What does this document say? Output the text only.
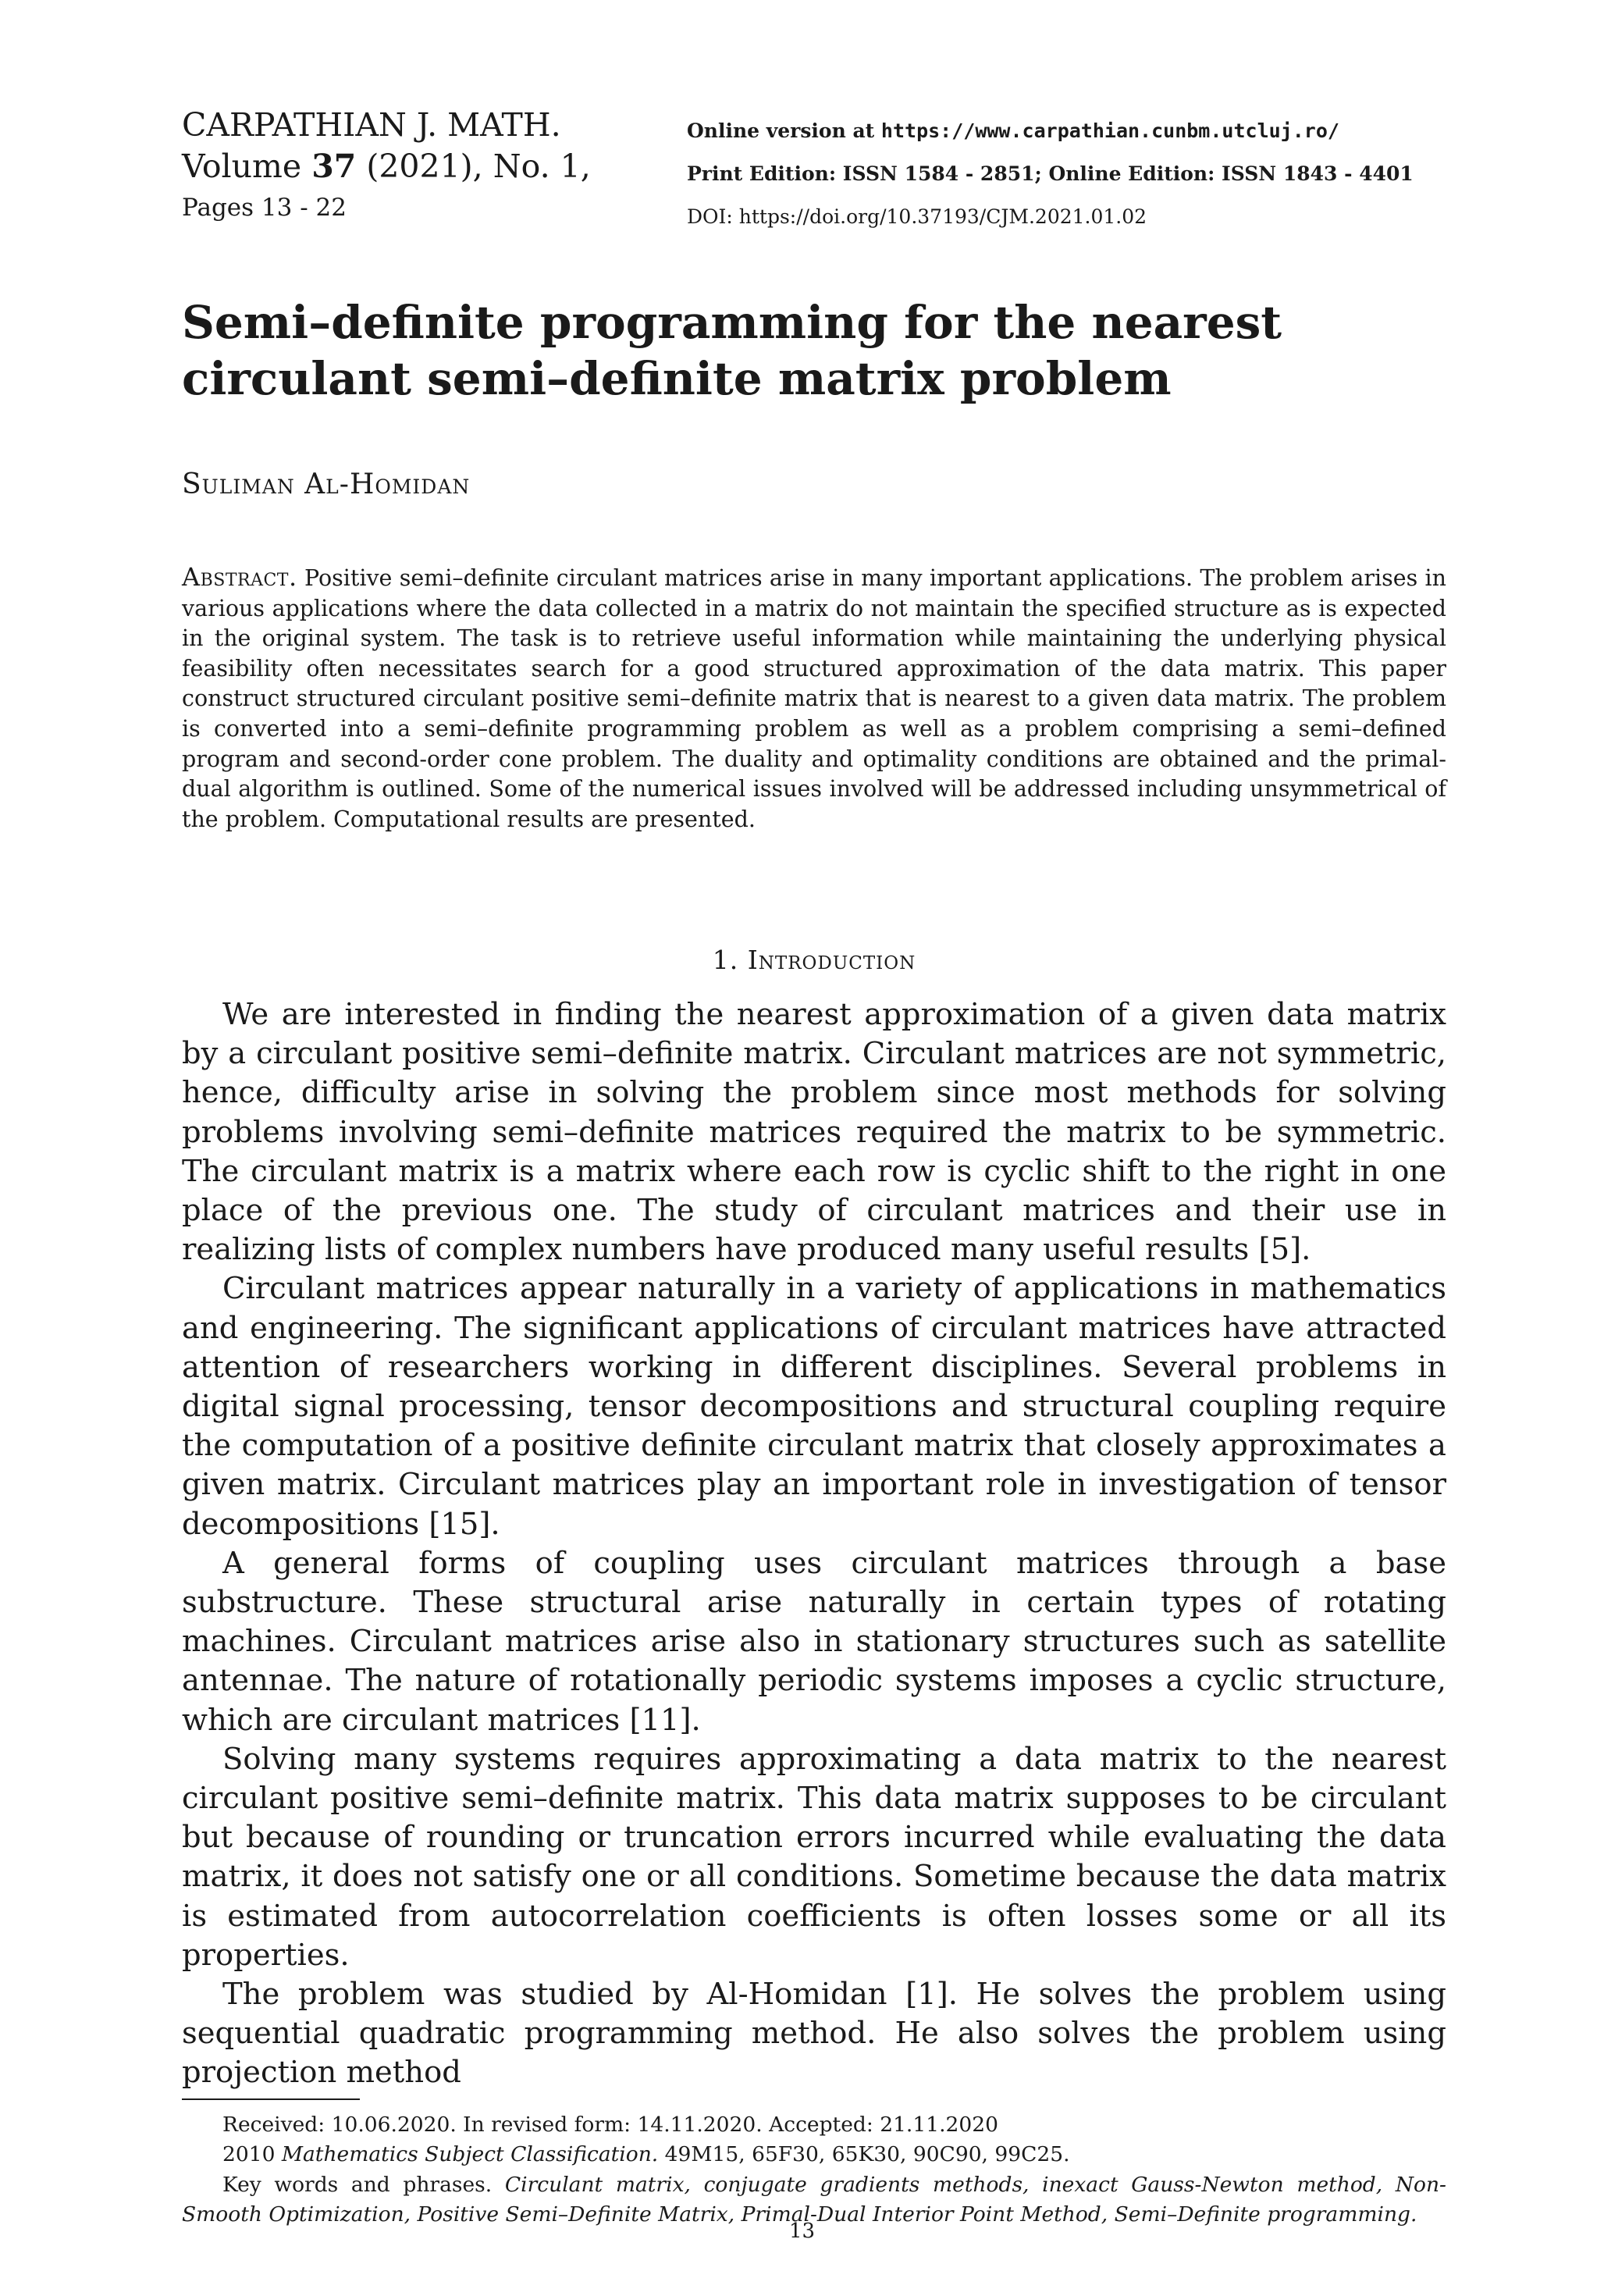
CARPATHIAN J. MATH.
Volume 37 (2021), No. 1,
Pages 13 - 22
Online version at https://www.carpathian.cunbm.utcluj.ro/
Print Edition: ISSN 1584 - 2851; Online Edition: ISSN 1843 - 4401
DOI: https://doi.org/10.37193/CJM.2021.01.02
Semi–definite programming for the nearest circulant semi–definite matrix problem
Suliman Al-Homidan
Abstract. Positive semi–definite circulant matrices arise in many important applications. The problem arises in various applications where the data collected in a matrix do not maintain the specified structure as is expected in the original system. The task is to retrieve useful information while maintaining the underlying physical feasibility often necessitates search for a good structured approximation of the data matrix. This paper construct structured circulant positive semi–definite matrix that is nearest to a given data matrix. The problem is converted into a semi–definite programming problem as well as a problem comprising a semi–defined program and second-order cone problem. The duality and optimality conditions are obtained and the primal-dual algorithm is outlined. Some of the numerical issues involved will be addressed including unsymmetrical of the problem. Computational results are presented.
1. Introduction

We are interested in finding the nearest approximation of a given data matrix by a circulant positive semi–definite matrix. Circulant matrices are not symmetric, hence, difficulty arise in solving the problem since most methods for solving problems involving semi–definite matrices required the matrix to be symmetric. The circulant matrix is a matrix where each row is cyclic shift to the right in one place of the previous one. The study of circulant matrices and their use in realizing lists of complex numbers have produced many useful results [5].

Circulant matrices appear naturally in a variety of applications in mathematics and engineering. The significant applications of circulant matrices have attracted attention of researchers working in different disciplines. Several problems in digital signal processing, tensor decompositions and structural coupling require the computation of a positive definite circulant matrix that closely approximates a given matrix. Circulant matrices play an important role in investigation of tensor decompositions [15].

A general forms of coupling uses circulant matrices through a base substructure. These structural arise naturally in certain types of rotating machines. Circulant matrices arise also in stationary structures such as satellite antennae. The nature of rotationally periodic systems imposes a cyclic structure, which are circulant matrices [11].

Solving many systems requires approximating a data matrix to the nearest circulant positive semi–definite matrix. This data matrix supposes to be circulant but because of rounding or truncation errors incurred while evaluating the data matrix, it does not satisfy one or all conditions. Sometime because the data matrix is estimated from autocorrelation coefficients is often losses some or all its properties.

The problem was studied by Al-Homidan [1]. He solves the problem using sequential quadratic programming method. He also solves the problem using projection method

Received: 10.06.2020. In revised form: 14.11.2020. Accepted: 21.11.2020

2010 Mathematics Subject Classification. 49M15, 65F30, 65K30, 90C90, 99C25.

Key words and phrases. Circulant matrix, conjugate gradients methods, inexact Gauss-Newton method, Non-Smooth Optimization, Positive Semi–Definite Matrix, Primal-Dual Interior Point Method, Semi–Definite programming.

13
